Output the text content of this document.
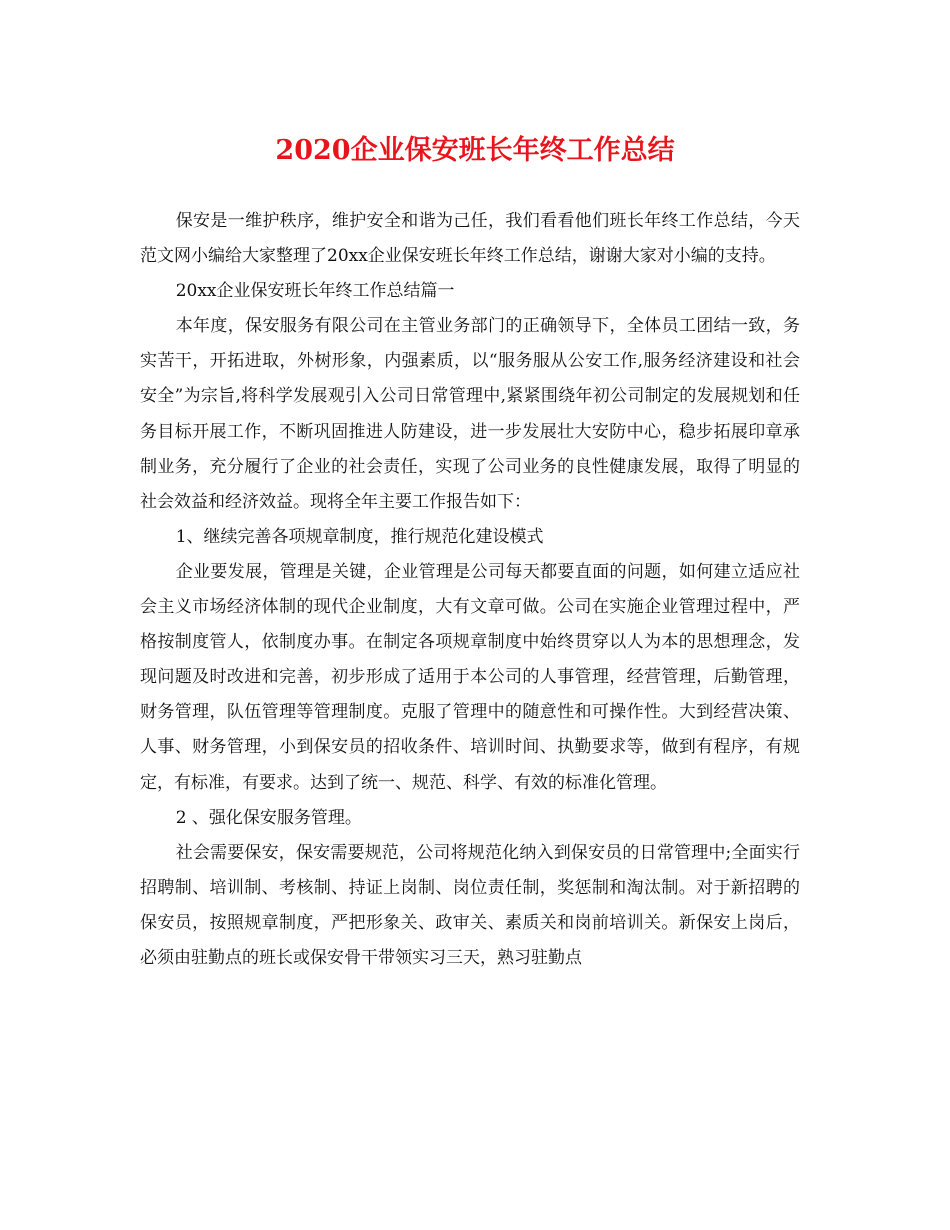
2020企业保安班长年终工作总结

保安是一维护秩序，维护安全和谐为己任，我们看看他们班长年终工作总结，今天范文网小编给大家整理了20xx企业保安班长年终工作总结，谢谢大家对小编的支持。

20xx企业保安班长年终工作总结篇一

本年度，保安服务有限公司在主管业务部门的正确领导下，全体员工团结一致，务实苦干，开拓进取，外树形象，内强素质，以“服务服从公安工作,服务经济建设和社会安全”为宗旨,将科学发展观引入公司日常管理中,紧紧围绕年初公司制定的发展规划和任务目标开展工作，不断巩固推进人防建设，进一步发展壮大安防中心，稳步拓展印章承制业务，充分履行了企业的社会责任，实现了公司业务的良性健康发展，取得了明显的社会效益和经济效益。现将全年主要工作报告如下：

1、继续完善各项规章制度，推行规范化建设模式

企业要发展，管理是关键，企业管理是公司每天都要直面的问题，如何建立适应社会主义市场经济体制的现代企业制度，大有文章可做。公司在实施企业管理过程中，严格按制度管人，依制度办事。在制定各项规章制度中始终贯穿以人为本的思想理念，发现问题及时改进和完善，初步形成了适用于本公司的人事管理，经营管理，后勤管理，财务管理，队伍管理等管理制度。克服了管理中的随意性和可操作性。大到经营决策、人事、财务管理，小到保安员的招收条件、培训时间、执勤要求等，做到有程序，有规定，有标准，有要求。达到了统一、规范、科学、有效的标准化管理。

2 、强化保安服务管理。

社会需要保安，保安需要规范，公司将规范化纳入到保安员的日常管理中;全面实行招聘制、培训制、考核制、持证上岗制、岗位责任制，奖惩制和淘汰制。对于新招聘的保安员，按照规章制度，严把形象关、政审关、素质关和岗前培训关。新保安上岗后，必须由驻勤点的班长或保安骨干带领实习三天，熟习驻勤点
